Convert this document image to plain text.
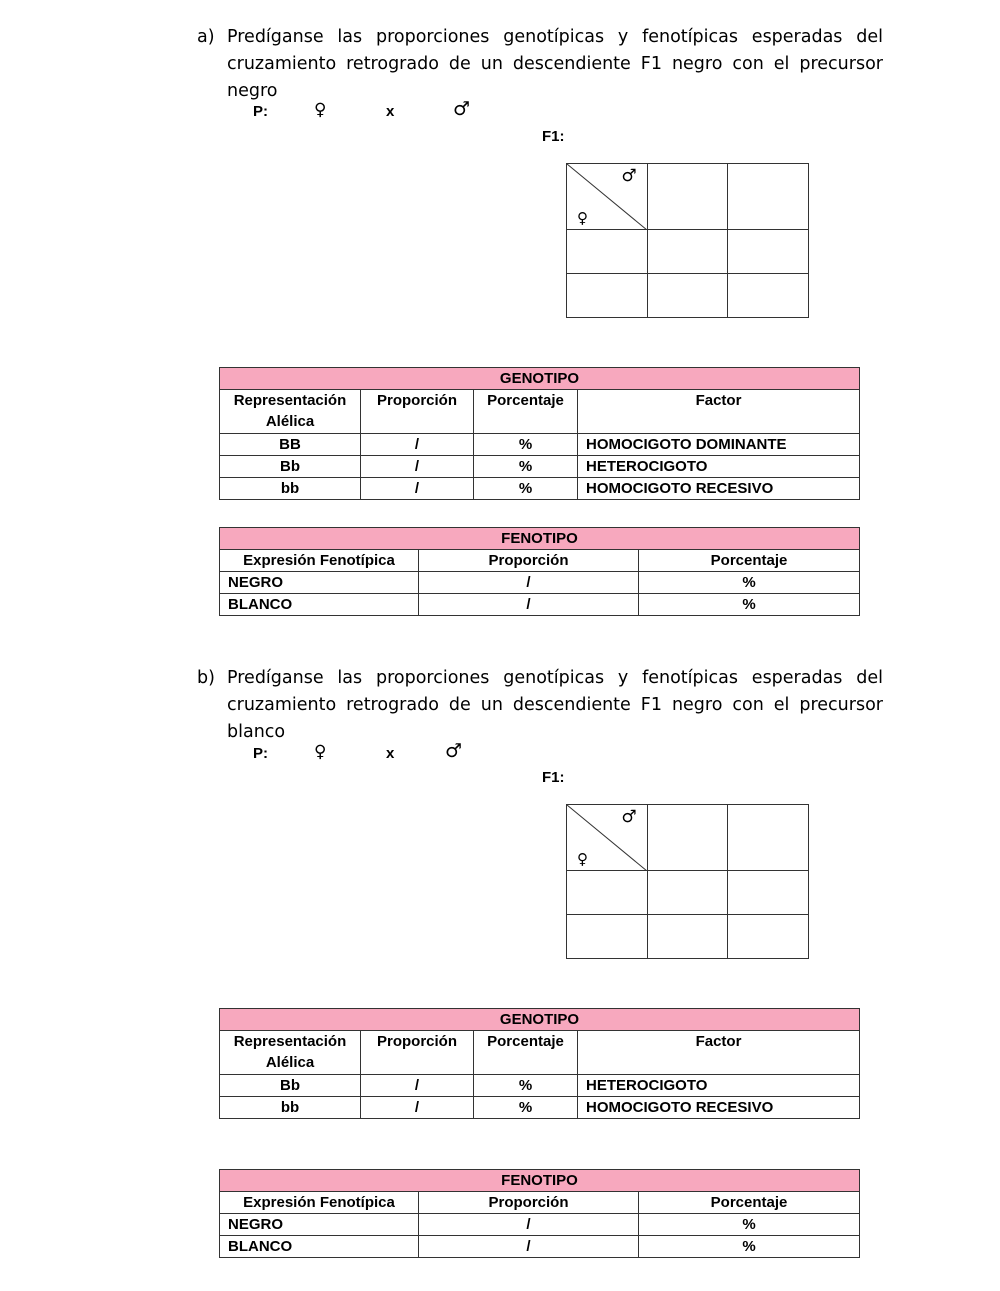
a) Predíganse las proporciones genotípicas y fenotípicas esperadas del cruzamiento retrogrado de un descendiente F1 negro con el precursor negro
P:	♀	x	♂
F1:
♂
♀		

GENOTIPO			
Representación Alélica	Proporción	Porcentaje	Factor
BB	/	%	HOMOCIGOTO DOMINANTE
Bb	/	%	HETEROCIGOTO
bb	/	%	HOMOCIGOTO RECESIVO
FENOTIPO		
Expresión Fenotípica	Proporción	Porcentaje
NEGRO	/	%
BLANCO	/	%
b) Predíganse las proporciones genotípicas y fenotípicas esperadas del cruzamiento retrogrado de un descendiente F1 negro con el precursor blanco
P:	♀	x	♂
F1:
♂
♀		

GENOTIPO			
Representación Alélica	Proporción	Porcentaje	Factor
Bb	/	%	HETEROCIGOTO
bb	/	%	HOMOCIGOTO RECESIVO
FENOTIPO		
Expresión Fenotípica	Proporción	Porcentaje
NEGRO	/	%
BLANCO	/	%
